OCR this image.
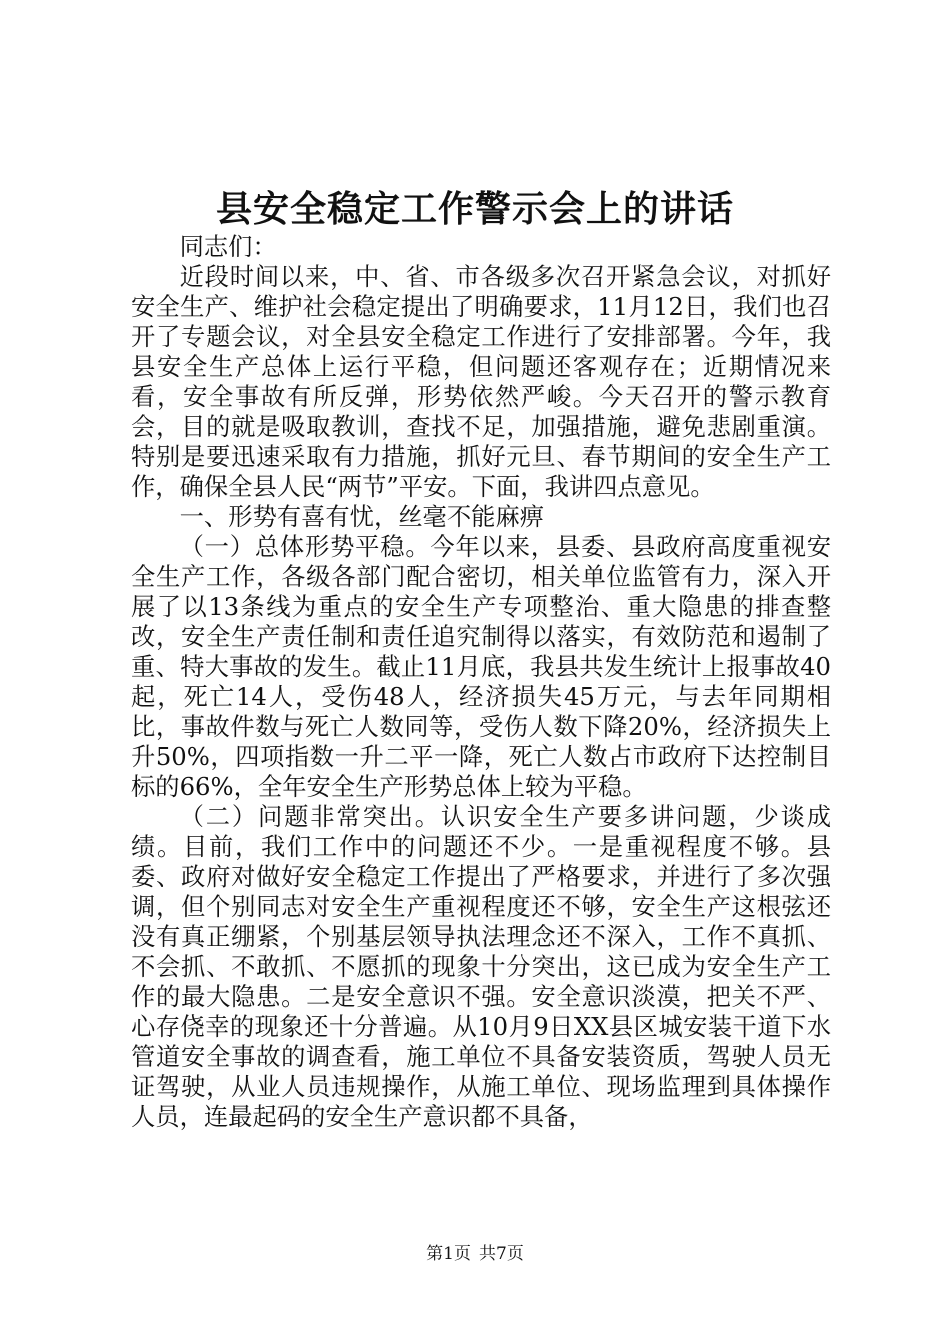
县安全稳定工作警示会上的讲话

同志们：

近段时间以来，中、省、市各级多次召开紧急会议，对抓好安全生产、维护社会稳定提出了明确要求，11月12日，我们也召开了专题会议，对全县安全稳定工作进行了安排部署。今年，我县安全生产总体上运行平稳，但问题还客观存在；近期情况来看，安全事故有所反弹，形势依然严峻。今天召开的警示教育会，目的就是吸取教训，查找不足，加强措施，避免悲剧重演。特别是要迅速采取有力措施，抓好元旦、春节期间的安全生产工作，确保全县人民“两节”平安。下面，我讲四点意见。

一、形势有喜有忧，丝毫不能麻痹

（一）总体形势平稳。今年以来，县委、县政府高度重视安全生产工作，各级各部门配合密切，相关单位监管有力，深入开展了以13条线为重点的安全生产专项整治、重大隐患的排查整改，安全生产责任制和责任追究制得以落实，有效防范和遏制了重、特大事故的发生。截止11月底，我县共发生统计上报事故40起，死亡14人，受伤48人，经济损失45万元，与去年同期相比，事故件数与死亡人数同等，受伤人数下降20%，经济损失上升50%，四项指数一升二平一降，死亡人数占市政府下达控制目标的66%，全年安全生产形势总体上较为平稳。

（二）问题非常突出。认识安全生产要多讲问题，少谈成绩。目前，我们工作中的问题还不少。一是重视程度不够。县委、政府对做好安全稳定工作提出了严格要求，并进行了多次强调，但个别同志对安全生产重视程度还不够，安全生产这根弦还没有真正绷紧，个别基层领导执法理念还不深入，工作不真抓、不会抓、不敢抓、不愿抓的现象十分突出，这已成为安全生产工作的最大隐患。二是安全意识不强。安全意识淡漠，把关不严、心存侥幸的现象还十分普遍。从10月9日XX县区城安装干道下水管道安全事故的调查看，施工单位不具备安装资质，驾驶人员无证驾驶，从业人员违规操作，从施工单位、现场监理到具体操作人员，连最起码的安全生产意识都不具备，

第1页 共7页
